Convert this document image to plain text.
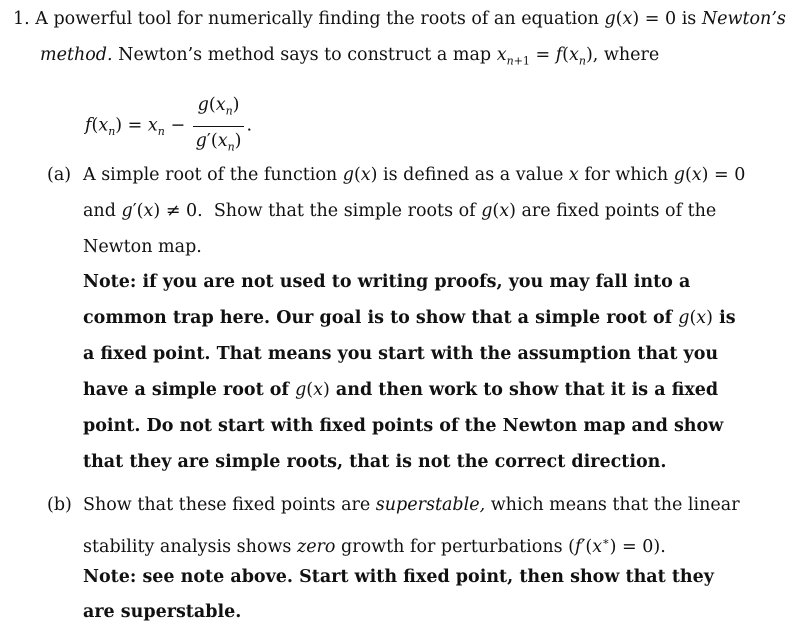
1. A powerful tool for numerically finding the roots of an equation g(x) = 0 is Newton’s
method. Newton’s method says to construct a map $x_{n+1} = f(x_n)$, where
$f(x_n) = x_n - \frac{g(x_n)}{g'(x_n)}$ .
(a) A simple root of the function g(x) is defined as a value x for which g(x) = 0
and g′(x) ≠ 0.  Show that the simple roots of g(x) are fixed points of the
Newton map.
Note: if you are not used to writing proofs, you may fall into a
common trap here. Our goal is to show that a simple root of g(x) is
a fixed point. That means you start with the assumption that you
have a simple root of g(x) and then work to show that it is a fixed
point. Do not start with fixed points of the Newton map and show
that they are simple roots, that is not the correct direction.
(b) Show that these fixed points are superstable, which means that the linear
stability analysis shows zero growth for perturbations (f′(x∗) = 0).
Note: see note above. Start with fixed point, then show that they
are superstable.
